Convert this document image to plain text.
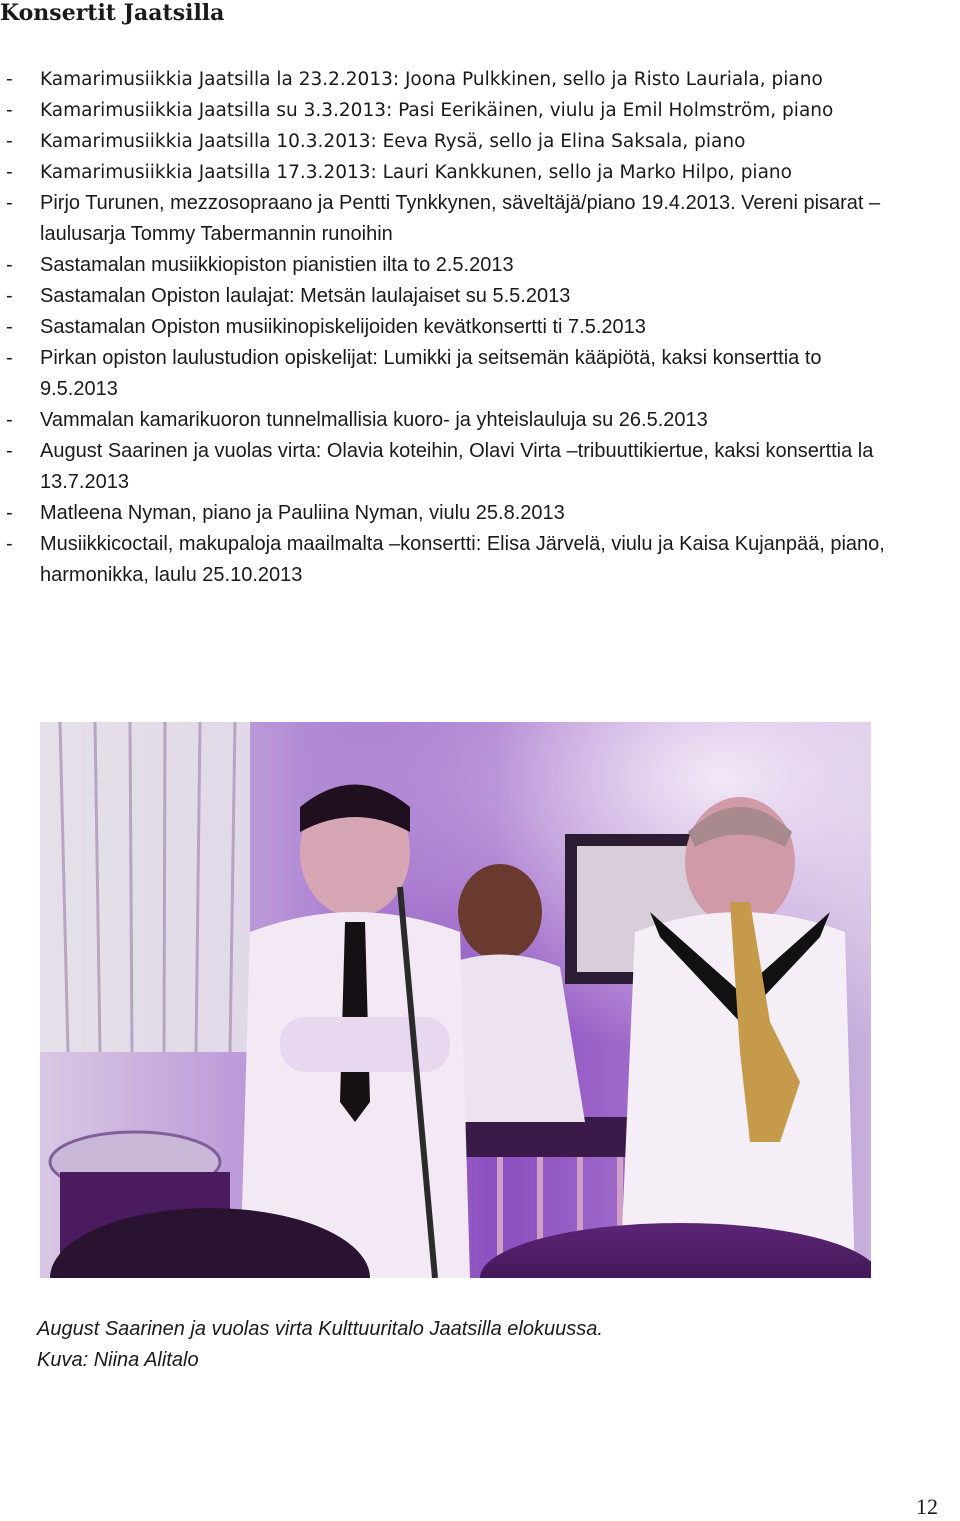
Konsertit Jaatsilla
-	Kamarimusiikkia Jaatsilla la 23.2.2013: Joona Pulkkinen, sello ja Risto Lauriala, piano
-	Kamarimusiikkia Jaatsilla su 3.3.2013: Pasi Eerikäinen, viulu ja Emil Holmström, piano
-	Kamarimusiikkia Jaatsilla 10.3.2013: Eeva Rysä, sello ja Elina Saksala, piano
-	Kamarimusiikkia Jaatsilla 17.3.2013: Lauri Kankkunen, sello ja Marko Hilpo, piano
-	Pirjo Turunen, mezzosopraano ja Pentti Tynkkynen, säveltäjä/piano 19.4.2013. Vereni pisarat –laulusarja Tommy Tabermannin runoihin
-	Sastamalan musiikkiopiston pianistien ilta to 2.5.2013
-	Sastamalan Opiston laulajat: Metsän laulajaiset su 5.5.2013
-	Sastamalan Opiston musiikinopiskelijoiden kevätkonsertti ti 7.5.2013
-	Pirkan opiston laulustudion opiskelijat: Lumikki ja seitsemän kääpiötä, kaksi konserttia to 9.5.2013
-	Vammalan kamarikuoron tunnelmallisia kuoro- ja yhteislauluja su 26.5.2013
-	August Saarinen ja vuolas virta: Olavia koteihin, Olavi Virta –tribuuttikiertue, kaksi konserttia la 13.7.2013
-	Matleena Nyman, piano ja Pauliina Nyman, viulu 25.8.2013
-	Musiikkicoctail, makupaloja maailmalta –konsertti: Elisa Järvelä, viulu ja Kaisa Kujanpää, piano, harmonikka, laulu 25.10.2013
August Saarinen ja vuolas virta Kulttuuritalo Jaatsilla elokuussa.
Kuva: Niina Alitalo
12
